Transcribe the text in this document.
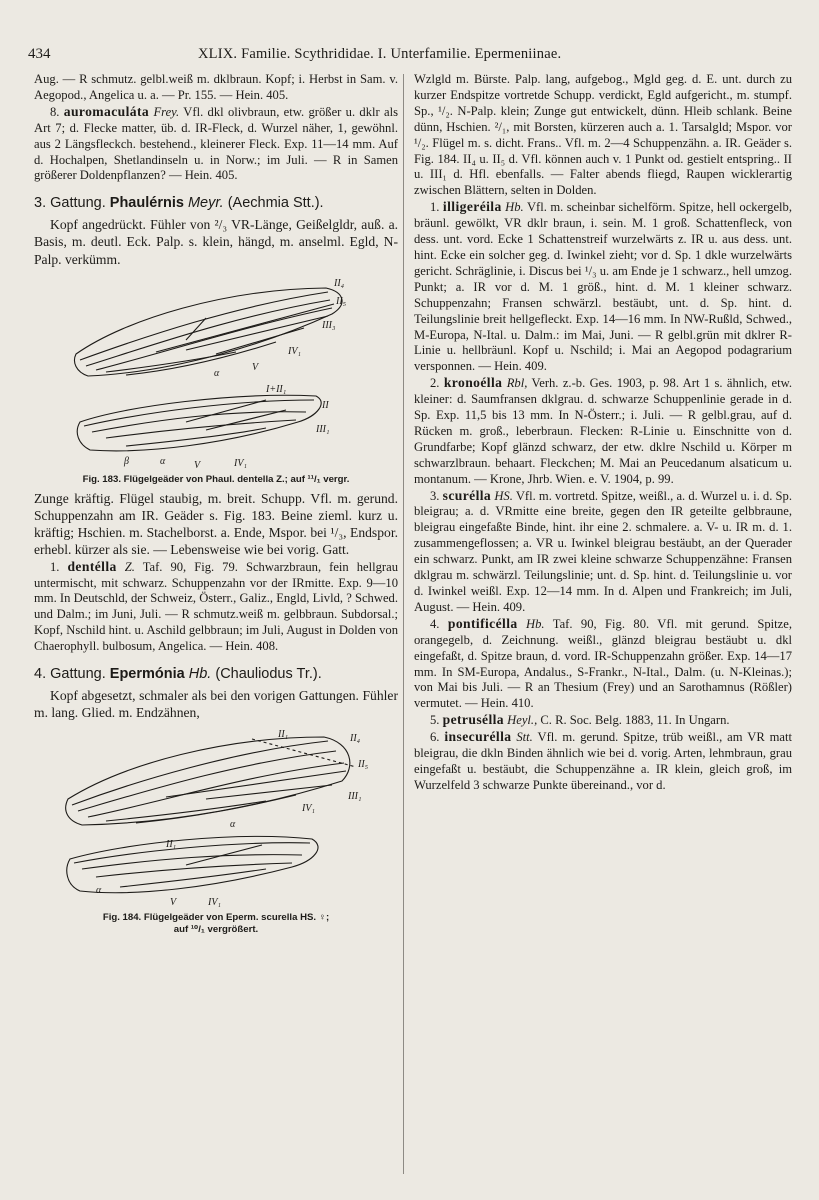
434	XLIX. Familie. Scythrididae. I. Unterfamilie. Epermeniinae.

Aug. — R schmutz. gelbl.weiß m. dklbraun. Kopf; i. Herbst in Sam. v. Aegopod., Angelica u. a. — Pr. 155. — Hein. 405.

8. auromaculáta Frey. Vfl. dkl olivbraun, etw. größer u. dklr als Art 7; d. Flecke matter, üb. d. IR-Fleck, d. Wurzel näher, 1, gewöhnl. aus 2 Längsfleckch. bestehend., kleinerer Fleck. Exp. 11—14 mm. Auf d. Hochalpen, Shetlandinseln u. in Norw.; im Juli. — R in Samen größerer Doldenpflanzen? — Hein. 405.

3. Gattung. Phaulérnis Meyr. (Aechmia Stt.).

Kopf angedrückt. Fühler von ²/₃ VR-Länge, Geißelgldr, auß. a. Basis, m. deutl. Eck. Palp. s. klein, hängd, m. anselml. Egld, N-Palp. verkümm.

II₄
II₅
III₃
IV₁
V
α
I+II₁
II
III₁
β	α	V	IV₁
Fig. 183. Flügelgeäder von Phaul. dentella Z.; auf ¹¹/₁ vergr.

Zunge kräftig. Flügel staubig, m. breit. Schupp. Vfl. m. gerund. Schuppenzahn am IR. Geäder s. Fig. 183. Beine zieml. kurz u. kräftig; Hschien. m. Stachelborst. a. Ende, Mspor. bei ¹/₃, Endspor. erhebl. kürzer als sie. — Lebensweise wie bei vorig. Gatt.

1. dentélla Z. Taf. 90, Fig. 79. Schwarzbraun, fein hellgrau untermischt, mit schwarz. Schuppenzahn vor der IRmitte. Exp. 9—10 mm. In Deutschld, der Schweiz, Österr., Galiz., Engld, Livld, ? Schwed. und Dalm.; im Juni, Juli. — R schmutz.weiß m. gelbbraun. Subdorsal.; Kopf, Nschild hint. u. Aschild gelbbraun; im Juli, August in Dolden von Chaerophyll. bulbosum, Angelica. — Hein. 408.

4. Gattung. Epermónia Hb. (Chauliodus Tr.).

Kopf abgesetzt, schmaler als bei den vorigen Gattungen. Fühler m. lang. Glied. m. Endzähnen,

II₁	II₄
II₅
III₁
IV₁
α
II₁
α
V	IV₁
Fig. 184. Flügelgeäder von Eperm. scurella HS. ♀;
auf ¹⁰/₁ vergrößert.

Wzlgld m. Bürste. Palp. lang, aufgebog., Mgld geg. d. E. unt. durch zu kurzer Endspitze vortretde Schupp. verdickt, Egld aufgericht., m. stumpf. Sp., ¹/₂. N-Palp. klein; Zunge gut entwickelt, dünn. Hleib schlank. Beine dünn, Hschien. ²/₁, mit Borsten, kürzeren auch a. 1. Tarsalgld; Mspor. vor ¹/₂. Flügel m. s. dicht. Frans.. Vfl. m. 2—4 Schuppenzähn. a. IR. Geäder s. Fig. 184. II₄ u. II₅ d. Vfl. können auch v. 1 Punkt od. gestielt entspring.. II u. III₁ d. Hfl. ebenfalls. — Falter abends fliegd, Raupen wicklerartig zwischen Blättern, selten in Dolden.

1. illigeréila Hb. Vfl. m. scheinbar sichelförm. Spitze, hell ockergelb, bräunl. gewölkt, VR dklr braun, i. sein. M. 1 groß. Schattenfleck, von dess. unt. vord. Ecke 1 Schattenstreif wurzelwärts z. IR u. aus dess. unt. hint. Ecke ein solcher geg. d. Iwinkel zieht; vor d. Sp. 1 dkle wurzelwärts gericht. Schräglinie, i. Discus bei ¹/₃ u. am Ende je 1 schwarz., hell umzog. Punkt; a. IR vor d. M. 1 größ., hint. d. M. 1 kleiner schwarz. Schuppenzahn; Fransen schwärzl. bestäubt, unt. d. Sp. hint. d. Teilungslinie breit hellgefleckt. Exp. 14—16 mm. In NW-Rußld, Schwed., M-Europa, N-Ital. u. Dalm.: im Mai, Juni. — R gelbl.grün mit dklrer R-Linie u. hellbräunl. Kopf u. Nschild; i. Mai an Aegopod podagrarium versponnen. — Hein. 409.

2. kronoélla Rbl, Verh. z.-b. Ges. 1903, p. 98. Art 1 s. ähnlich, etw. kleiner: d. Saumfransen dklgrau. d. schwarze Schuppenlinie gerade in d. Sp. Exp. 11,5 bis 13 mm. In N-Österr.; i. Juli. — R gelbl.grau, auf d. Rücken m. groß., leberbraun. Flecken: R-Linie u. Einschnitte von d. Grundfarbe; Kopf glänzd schwarz, der etw. dklre Nschild u. Körper m schwarzlbraun. behaart. Fleckchen; M. Mai an Peucedanum alsaticum u. montanum. — Krone, Jhrb. Wien. e. V. 1904, p. 99.

3. scurélla HS. Vfl. m. vortretd. Spitze, weißl., a. d. Wurzel u. i. d. Sp. bleigrau; a. d. VRmitte eine breite, gegen den IR geteilte gelbbraune, bleigrau eingefaßte Binde, hint. ihr eine 2. schmalere. a. V- u. IR m. d. 1. zusammengeflossen; a. VR u. Iwinkel bleigrau bestäubt, an der Querader ein schwarz. Punkt, am IR zwei kleine schwarze Schuppenzähne: Fransen dklgrau m. schwärzl. Teilungslinie; unt. d. Sp. hint. d. Teilungslinie u. vor d. Iwinkel weißl. Exp. 12—14 mm. In d. Alpen und Frankreich; im Juli, August. — Hein. 409.

4. pontificélla Hb. Taf. 90, Fig. 80. Vfl. mit gerund. Spitze, orangegelb, d. Zeichnung. weißl., glänzd bleigrau bestäubt u. dkl eingefaßt, d. Spitze braun, d. vord. IR-Schuppenzahn größer. Exp. 14—17 mm. In SM-Europa, Andalus., S-Frankr., N-Ital., Dalm. (u. N-Kleinas.); von Mai bis Juli. — R an Thesium (Frey) und an Sarothamnus (Rößler) vermutet. — Hein. 410.

5. petrusélla Heyl., C. R. Soc. Belg. 1883, 11. In Ungarn.

6. insecurélla Stt. Vfl. m. gerund. Spitze, trüb weißl., am VR matt bleigrau, die dkln Binden ähnlich wie bei d. vorig. Arten, lehmbraun, grau eingefaßt u. bestäubt, die Schuppenzähne a. IR klein, gleich groß, im Wurzelfeld 3 schwarze Punkte übereinand., vor d.
